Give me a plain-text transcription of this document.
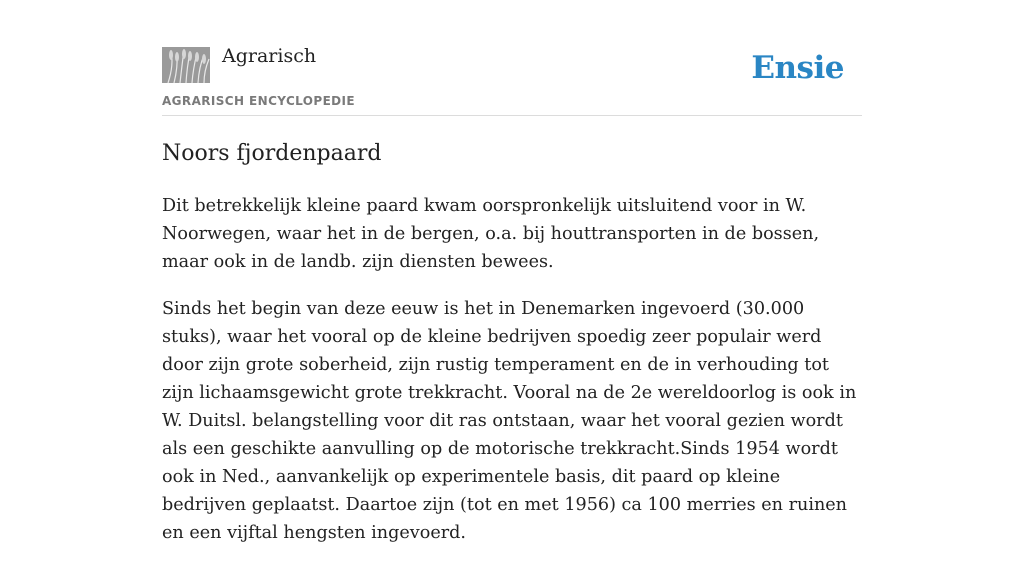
Agrarisch
AGRARISCH ENCYCLOPEDIE
Ensie
Noors fjordenpaard

Dit betrekkelijk kleine paard kwam oorspronkelijk uitsluitend voor in W. Noorwegen, waar het in de bergen, o.a. bij houttransporten in de bossen, maar ook in de landb. zijn diensten bewees.

Sinds het begin van deze eeuw is het in Denemarken ingevoerd (30.000 stuks), waar het vooral op de kleine bedrijven spoedig zeer populair werd door zijn grote soberheid, zijn rustig temperament en de in verhouding tot zijn lichaamsgewicht grote trekkracht. Vooral na de 2e wereldoorlog is ook in W. Duitsl. belangstelling voor dit ras ontstaan, waar het vooral gezien wordt als een geschikte aanvulling op de motorische trekkracht.Sinds 1954 wordt ook in Ned., aanvankelijk op experimentele basis, dit paard op kleine bedrijven geplaatst. Daartoe zijn (tot en met 1956) ca 100 merries en ruinen en een vijftal hengsten ingevoerd.
